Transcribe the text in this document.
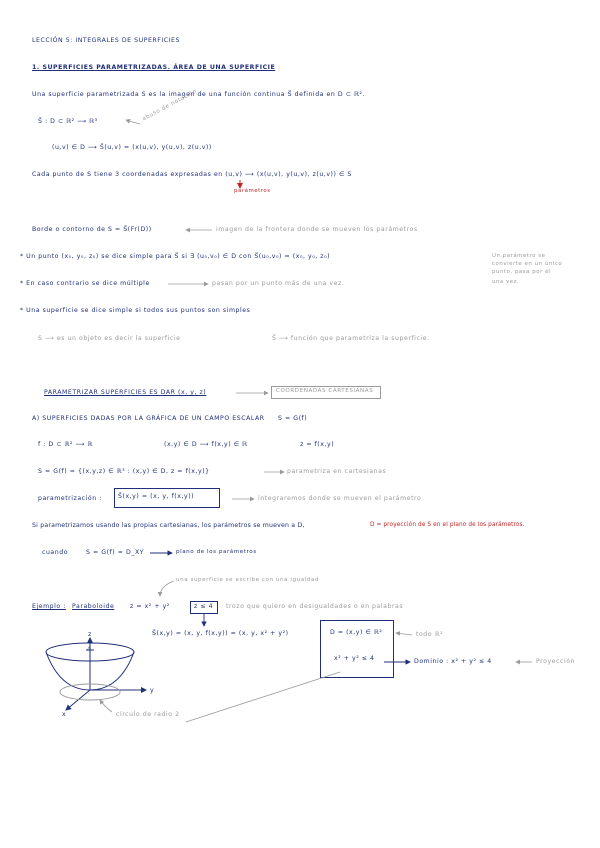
LECCIÓN 5: INTEGRALES DE SUPERFICIES
1. SUPERFICIES PARAMETRIZADAS. ÁREA DE UNA SUPERFICIE
Una superficie parametrizada S es la imagen de una función continua S⃗ definida en D ⊂ ℝ².
S⃗ : D ⊂ ℝ² ⟶ ℝ³	abuso de notación
(u,v) ∈ D ⟶ S⃗(u,v) = (x(u,v), y(u,v), z(u,v))
Cada punto de S tiene 3 coordenadas expresadas en (u,v) ⟶ (x(u,v), y(u,v), z(u,v)) ∈ S
parámetros
Borde o contorno de S = S⃗(Fr(D))	imagen de la frontera donde se mueven los parámetros
* Un punto (x₀, y₀, z₀) se dice simple para S⃗ si ∃ (u₀,v₀) ∈ D con S⃗(u₀,v₀) = (x₀, y₀, z₀)	Un parámetro se
convierte en un único
punto, pasa por él
una vez.
* En caso contrario se dice múltiple	pasan por un punto más de una vez.
* Una superficie se dice simple si todos sus puntos son simples
S ⟶ es un objeto es decir la superficie	S⃗ ⟶ función que parametriza la superficie.
PARAMETRIZAR SUPERFICIES ES DAR (x, y, z)	COORDENADAS CARTESIANAS
A) SUPERFICIES DADAS POR LA GRÁFICA DE UN CAMPO ESCALAR S = G(f)
f : D ⊂ ℝ² ⟶ ℝ	(x,y) ∈ D ⟶ f(x,y) ∈ ℝ	z = f(x,y)
S = G(f) = {(x,y,z) ∈ ℝ³ : (x,y) ∈ D, z = f(x,y)}	parametriza en cartesianas
parametrización :	S⃗(x,y) = (x, y, f(x,y))	integraremos donde se mueven el parámetro
Si parametrizamos usando las propias cartesianas, los parámetros se mueven a D,	D = proyección de S en el plano de los parámetros.
cuando	S = G(f) = D_XY	plano de los parámetros
una superficie se escribe con una igualdad
Ejemplo : Paraboloide	z = x² + y²	z ≤ 4 trozo que quiero en desigualdades o en palabras
S⃗(x,y) = (x, y, f(x,y)) = (x, y, x² + y²)	D = (x,y) ∈ ℝ²
x² + y² ≤ 4
todo ℝ²
Dominio : x² + y² ≤ 4	Proyección
círculo de radio 2
z
y
x
4
